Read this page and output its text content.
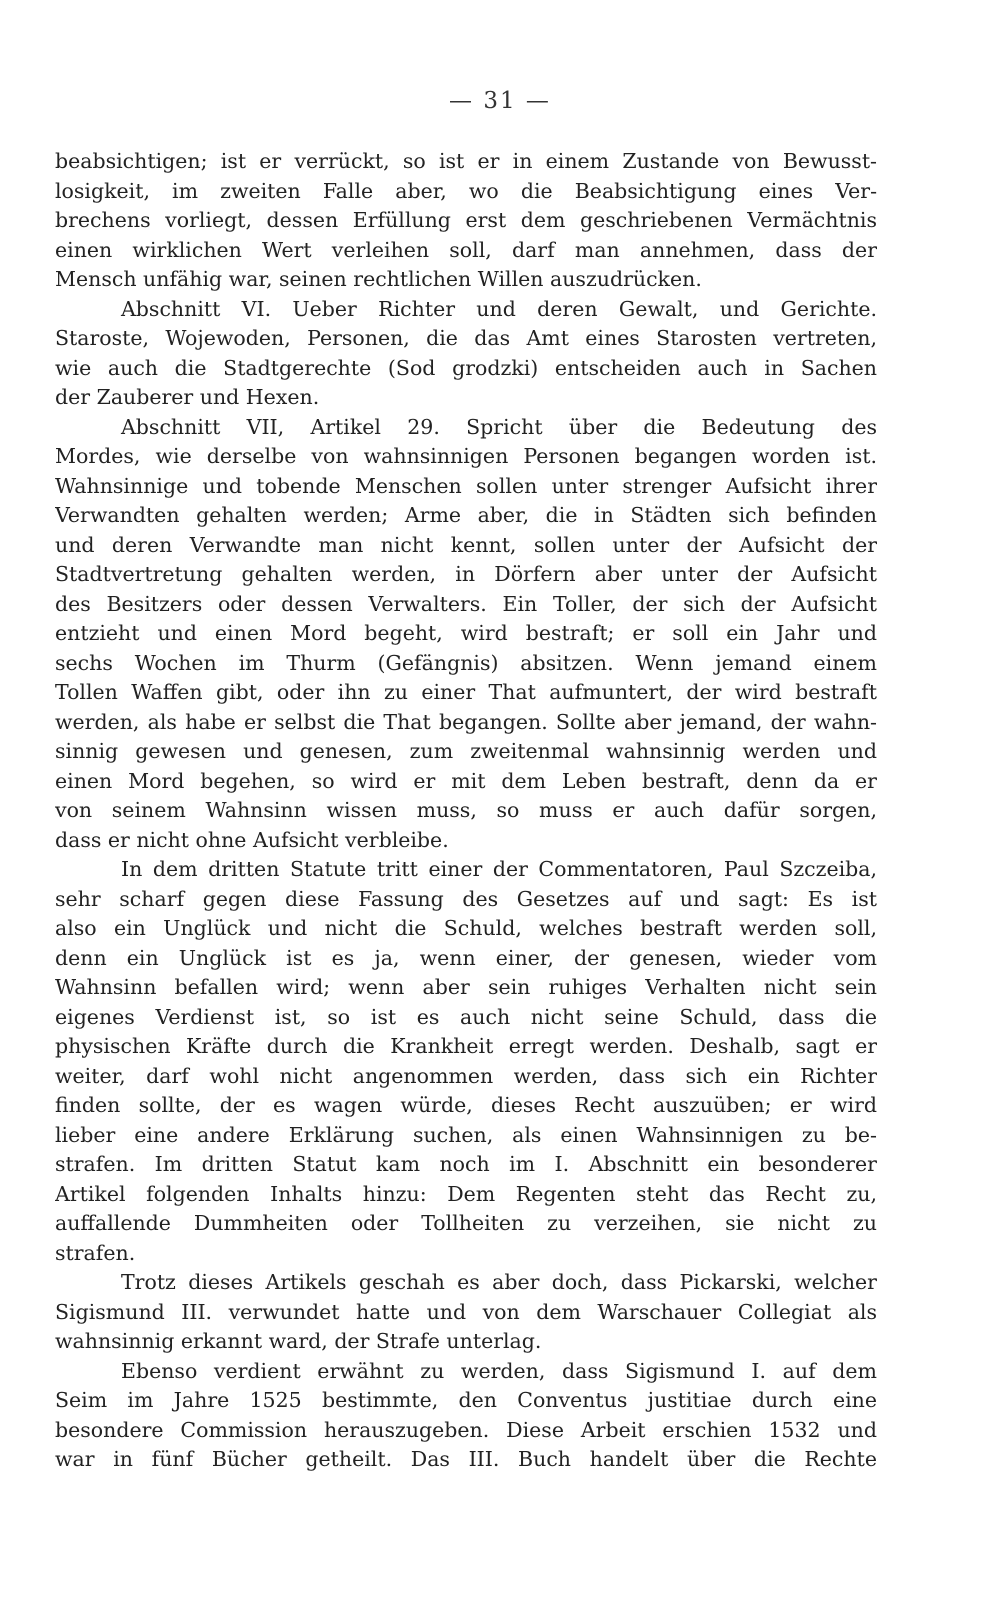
— 31 —
beabsichtigen; ist er verrückt, so ist er in einem Zustande von Bewusst-
losigkeit, im zweiten Falle aber, wo die Beabsichtigung eines Ver-
brechens vorliegt, dessen Erfüllung erst dem geschriebenen Vermächtnis
einen wirklichen Wert verleihen soll, darf man annehmen, dass der
Mensch unfähig war, seinen rechtlichen Willen auszudrücken.
Abschnitt VI. Ueber Richter und deren Gewalt, und Gerichte.
Staroste, Wojewoden, Personen, die das Amt eines Starosten vertreten,
wie auch die Stadtgerechte (Sod grodzki) entscheiden auch in Sachen
der Zauberer und Hexen.
Abschnitt VII, Artikel 29. Spricht über die Bedeutung des
Mordes, wie derselbe von wahnsinnigen Personen begangen worden ist.
Wahnsinnige und tobende Menschen sollen unter strenger Aufsicht ihrer
Verwandten gehalten werden; Arme aber, die in Städten sich befinden
und deren Verwandte man nicht kennt, sollen unter der Aufsicht der
Stadtvertretung gehalten werden, in Dörfern aber unter der Aufsicht
des Besitzers oder dessen Verwalters. Ein Toller, der sich der Aufsicht
entzieht und einen Mord begeht, wird bestraft; er soll ein Jahr und
sechs Wochen im Thurm (Gefängnis) absitzen. Wenn jemand einem
Tollen Waffen gibt, oder ihn zu einer That aufmuntert, der wird bestraft
werden, als habe er selbst die That begangen. Sollte aber jemand, der wahn-
sinnig gewesen und genesen, zum zweitenmal wahnsinnig werden und
einen Mord begehen, so wird er mit dem Leben bestraft, denn da er
von seinem Wahnsinn wissen muss, so muss er auch dafür sorgen,
dass er nicht ohne Aufsicht verbleibe.
In dem dritten Statute tritt einer der Commentatoren, Paul Szczeiba,
sehr scharf gegen diese Fassung des Gesetzes auf und sagt: Es ist
also ein Unglück und nicht die Schuld, welches bestraft werden soll,
denn ein Unglück ist es ja, wenn einer, der genesen, wieder vom
Wahnsinn befallen wird; wenn aber sein ruhiges Verhalten nicht sein
eigenes Verdienst ist, so ist es auch nicht seine Schuld, dass die
physischen Kräfte durch die Krankheit erregt werden. Deshalb, sagt er
weiter, darf wohl nicht angenommen werden, dass sich ein Richter
finden sollte, der es wagen würde, dieses Recht auszuüben; er wird
lieber eine andere Erklärung suchen, als einen Wahnsinnigen zu be-
strafen. Im dritten Statut kam noch im I. Abschnitt ein besonderer
Artikel folgenden Inhalts hinzu: Dem Regenten steht das Recht zu,
auffallende Dummheiten oder Tollheiten zu verzeihen, sie nicht zu
strafen.
Trotz dieses Artikels geschah es aber doch, dass Pickarski, welcher
Sigismund III. verwundet hatte und von dem Warschauer Collegiat als
wahnsinnig erkannt ward, der Strafe unterlag.
Ebenso verdient erwähnt zu werden, dass Sigismund I. auf dem
Seim im Jahre 1525 bestimmte, den Conventus justitiae durch eine
besondere Commission herauszugeben. Diese Arbeit erschien 1532 und
war in fünf Bücher getheilt. Das III. Buch handelt über die Rechte
